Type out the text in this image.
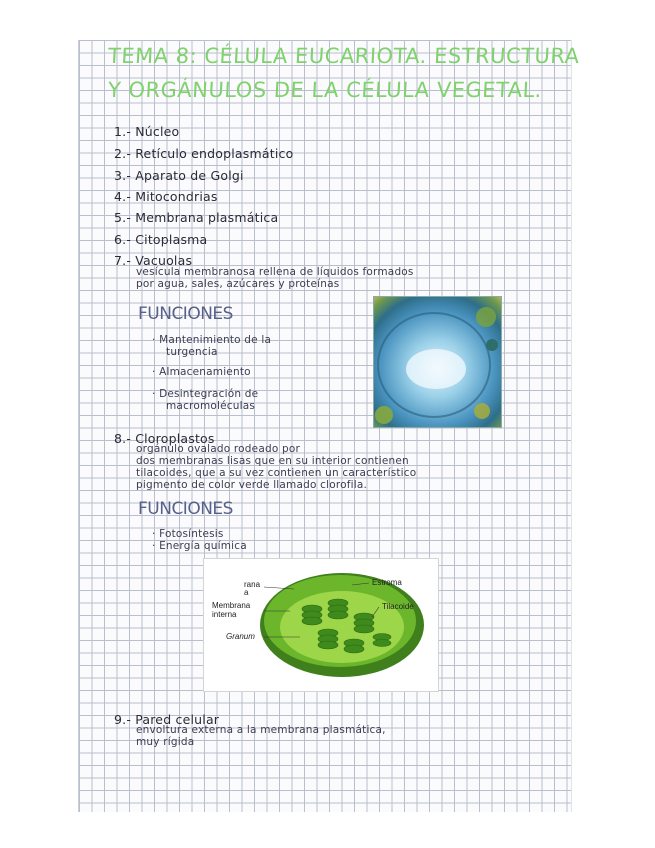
TEMA 8: CÉLULA EUCARIOTA. ESTRUCTURA
Y ORGÁNULOS DE LA CÉLULA VEGETAL.
1.- Núcleo
2.- Retículo endoplasmático
3.- Aparato de Golgi
4.- Mitocondrias
5.- Membrana plasmática
6.- Citoplasma
7.- Vacuolas
vesícula membranosa rellena de líquidos formados
por agua, sales, azúcares y proteínas
FUNCIONES
· Mantenimiento de la
turgencia
· Almacenamiento
· Desintegración de
macromoléculas
8.- Cloroplastos
orgánulo ovalado rodeado por
dos membranas lisas que en su interior contienen
tilacoides, que a su vez contienen un característico
pigmento de color verde llamado clorofila.
FUNCIONES
· Fotosíntesis
· Energía química
rana
a
Membrana
interna
Granum
Estroma
Tilacoide
9.- Pared celular
envoltura externa a la membrana plasmática,
muy rígida
